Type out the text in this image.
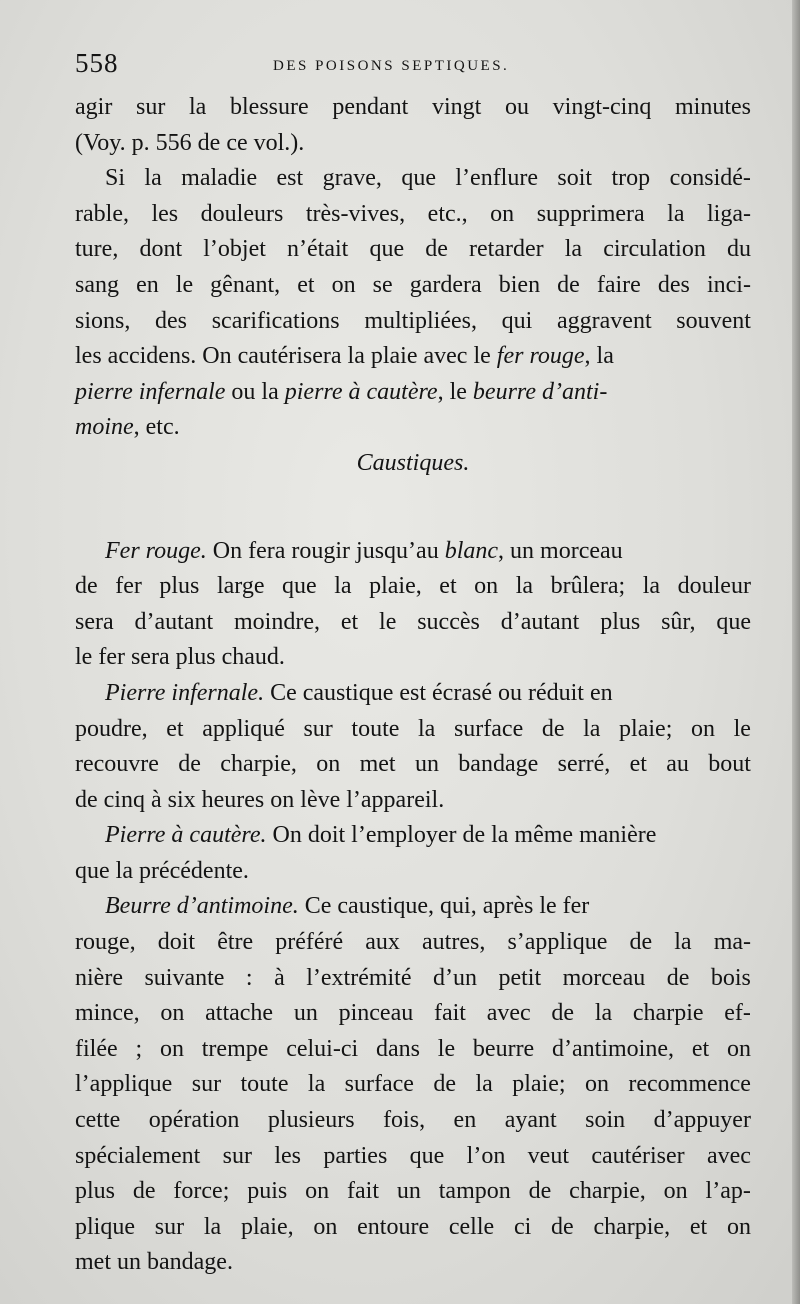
558	DES POISONS SEPTIQUES.
agir sur la blessure pendant vingt ou vingt-cinq minutes
(Voy. p. 556 de ce vol.).
Si la maladie est grave, que l’enflure soit trop considé-
rable, les douleurs très-vives, etc., on supprimera la liga-
ture, dont l’objet n’était que de retarder la circulation du
sang en le gênant, et on se gardera bien de faire des inci-
sions, des scarifications multipliées, qui aggravent souvent
les accidens. On cautérisera la plaie avec le fer rouge, la
pierre infernale ou la pierre à cautère, le beurre d’anti-
moine , etc.
Caustiques.
Fer rouge. On fera rougir jusqu’au blanc, un morceau
de fer plus large que la plaie, et on la brûlera; la douleur
sera d’autant moindre, et le succès d’autant plus sûr, que
le fer sera plus chaud.
Pierre infernale. Ce caustique est écrasé ou réduit en
poudre, et appliqué sur toute la surface de la plaie; on le
recouvre de charpie, on met un bandage serré, et au bout
de cinq à six heures on lève l’appareil.
Pierre à cautère. On doit l’employer de la même manière
que la précédente.
Beurre d’antimoine. Ce caustique, qui, après le fer
rouge, doit être préféré aux autres, s’applique de la ma-
nière suivante : à l’extrémité d’un petit morceau de bois
mince, on attache un pinceau fait avec de la charpie ef-
filée ; on trempe celui-ci dans le beurre d’antimoine, et on
l’applique sur toute la surface de la plaie; on recommence
cette opération plusieurs fois, en ayant soin d’appuyer
spécialement sur les parties que l’on veut cautériser avec
plus de force; puis on fait un tampon de charpie, on l’ap-
plique sur la plaie, on entoure celle ci de charpie, et on
met un bandage.
